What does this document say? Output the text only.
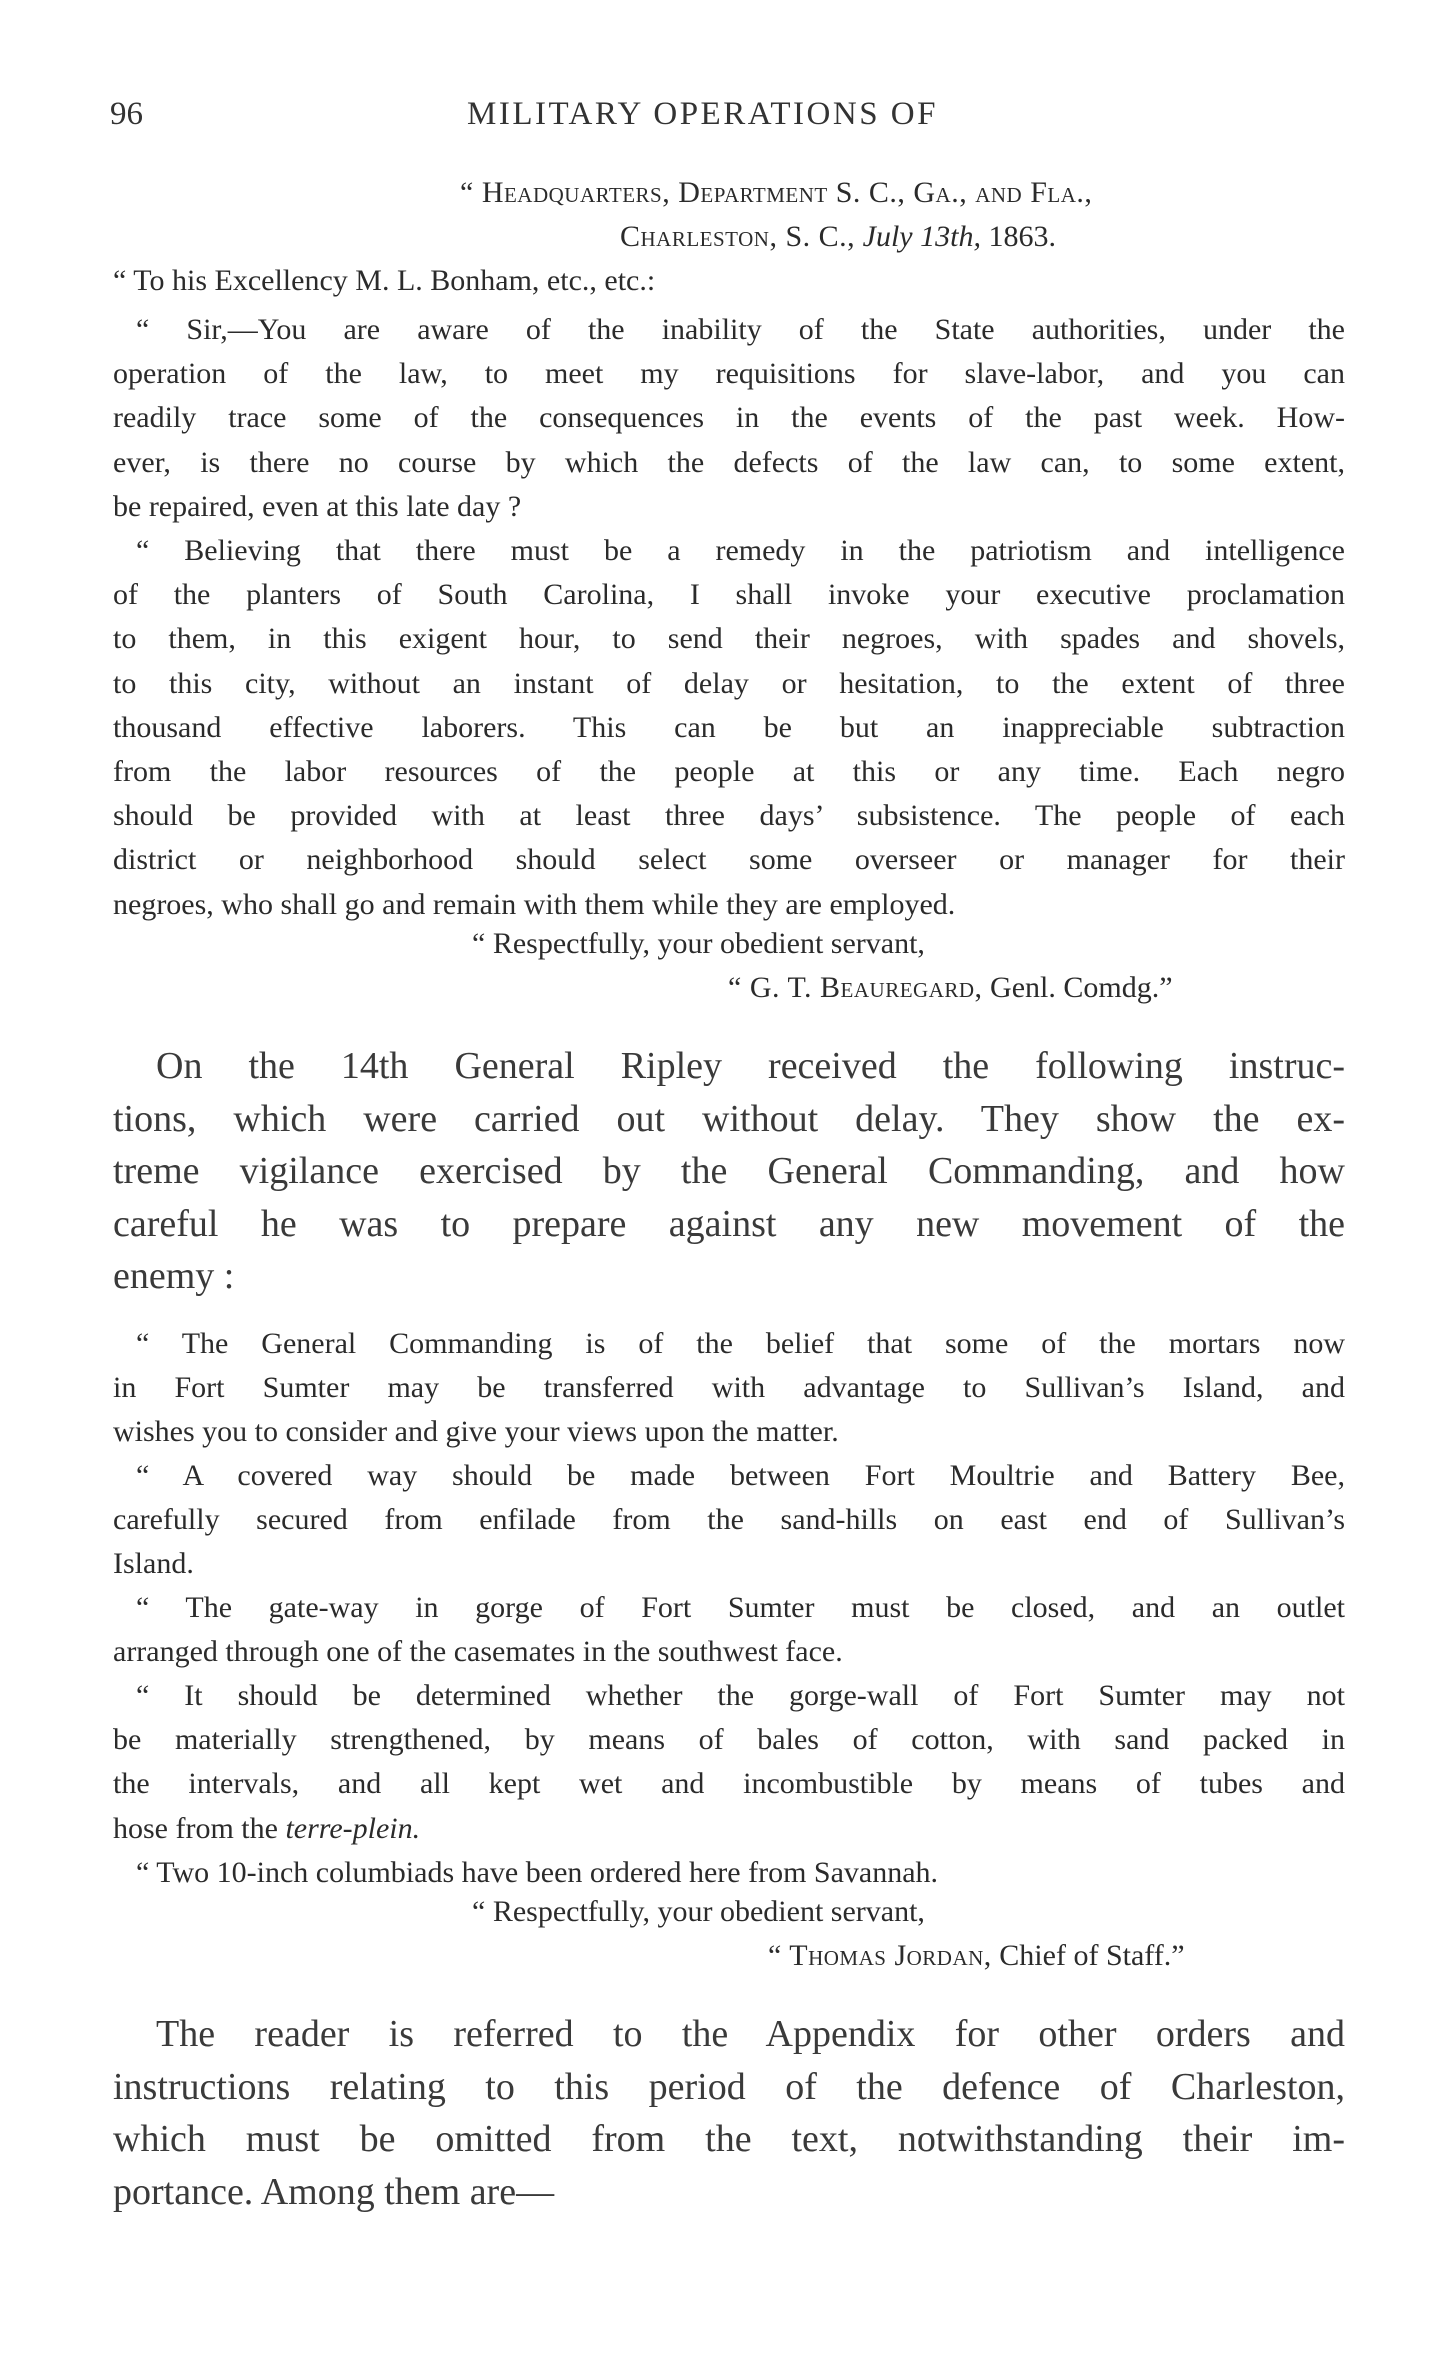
96	MILITARY OPERATIONS OF
“ Headquarters, Department S. C., Ga., and Fla.,
Charleston, S. C., July 13th, 1863.
“ To his Excellency M. L. Bonham, etc., etc.:
“ Sir,—You are aware of the inability of the State authorities, under the
operation of the law, to meet my requisitions for slave-labor, and you can
readily trace some of the consequences in the events of the past week. How-
ever, is there no course by which the defects of the law can, to some extent,
be repaired, even at this late day ?
“ Believing that there must be a remedy in the patriotism and intelligence
of the planters of South Carolina, I shall invoke your executive proclamation
to them, in this exigent hour, to send their negroes, with spades and shovels,
to this city, without an instant of delay or hesitation, to the extent of three
thousand effective laborers. This can be but an inappreciable subtraction
from the labor resources of the people at this or any time. Each negro
should be provided with at least three days’ subsistence. The people of each
district or neighborhood should select some overseer or manager for their
negroes, who shall go and remain with them while they are employed.
“ Respectfully, your obedient servant,
“ G. T. Beauregard, Genl. Comdg.”
On the 14th General Ripley received the following instruc-
tions, which were carried out without delay. They show the ex-
treme vigilance exercised by the General Commanding, and how
careful he was to prepare against any new movement of the
enemy :
“ The General Commanding is of the belief that some of the mortars now
in Fort Sumter may be transferred with advantage to Sullivan’s Island, and
wishes you to consider and give your views upon the matter.
“ A covered way should be made between Fort Moultrie and Battery Bee,
carefully secured from enfilade from the sand-hills on east end of Sullivan’s
Island.
“ The gate-way in gorge of Fort Sumter must be closed, and an outlet
arranged through one of the casemates in the southwest face.
“ It should be determined whether the gorge-wall of Fort Sumter may not
be materially strengthened, by means of bales of cotton, with sand packed in
the intervals, and all kept wet and incombustible by means of tubes and
hose from the terre-plein.
“ Two 10-inch columbiads have been ordered here from Savannah.
“ Respectfully, your obedient servant,
“ Thomas Jordan, Chief of Staff.”
The reader is referred to the Appendix for other orders and
instructions relating to this period of the defence of Charleston,
which must be omitted from the text, notwithstanding their im-
portance. Among them are—
